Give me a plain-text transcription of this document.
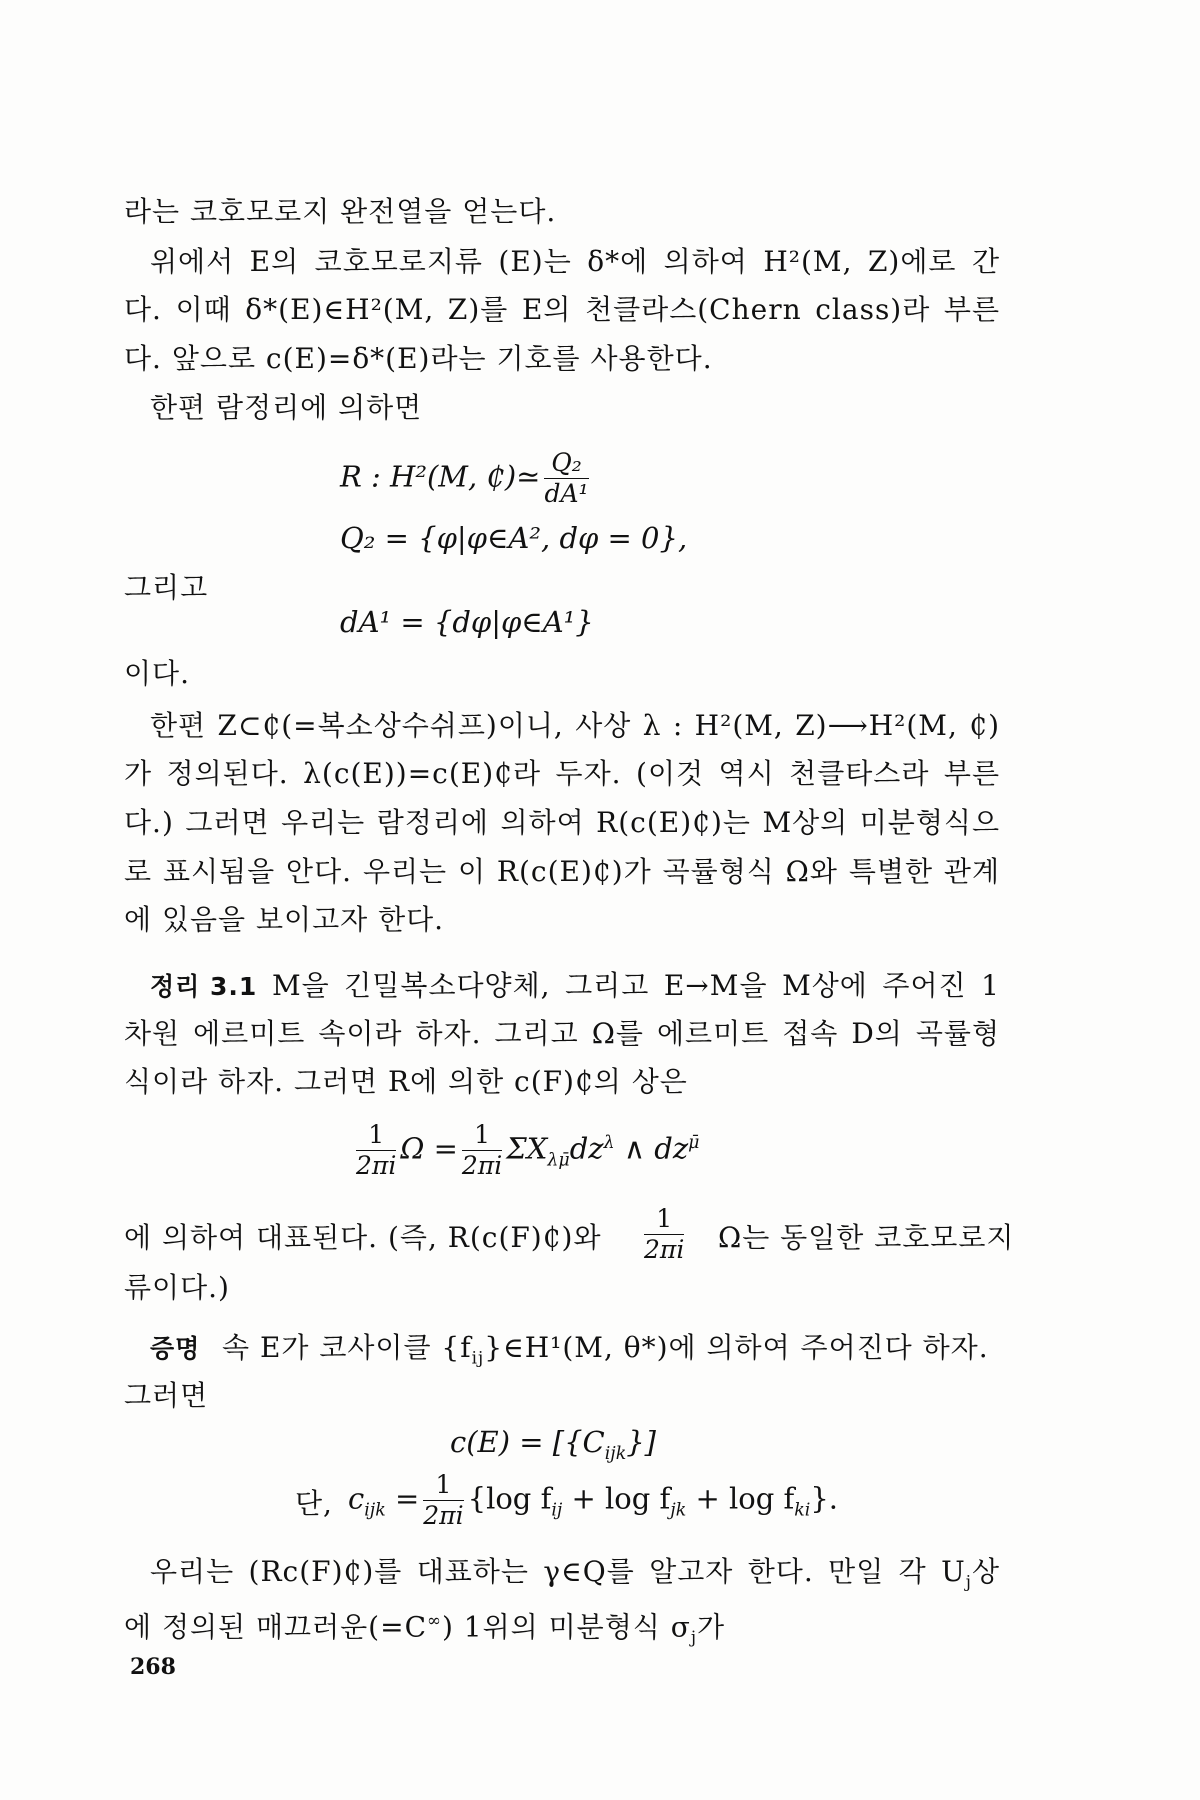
라는 코호모로지 완전열을 얻는다.
위에서 E의 코호모로지류 (E)는 δ*에 의하여 H²(M, Z)에로 간
다. 이때 δ*(E)∈H²(M, Z)를 E의 천클라스(Chern class)라 부른
다. 앞으로 c(E)=δ*(E)라는 기호를 사용한다.
한편 람정리에 의하면
R : H²(M, ₵)≃ $\frac{\text{Q₂}}{\text{dA¹}}$
Q₂ = {φ|φ∈A², dφ = 0},
그리고
dA¹ = {dφ|φ∈A¹}
이다.
한편 Z⊂₵(=복소상수쉬프)이니, 사상 λ : H²(M, Z)⟶H²(M, ₵)
가 정의된다. λ(c(E))=c(E)₵라 두자. (이것 역시 천클타스라 부른
다.) 그러면 우리는 람정리에 의하여 R(c(E)₵)는 M상의 미분형식으
로 표시됨을 안다. 우리는 이 R(c(E)₵)가 곡률형식 Ω와 특별한 관계
에 있음을 보이고자 한다.
정리 3.1 M을 긴밀복소다양체, 그리고 E→M을 M상에 주어진 1
차원 에르미트 속이라 하자. 그리고 Ω를 에르미트 접속 D의 곡률형
식이라 하자. 그러면 R에 의한 c(F)₵의 상은
$\frac{1}{2\pi i}$ $\Omega = \frac{1}{2\pi i} \Sigma X_{\lambda\mū}dz^\lambda$ ∧ $dz^{\mū}$
에 의하여 대표된다. (즉, R(c(F)₵)와	$\frac{1}{2\pi i}$ Ω는 동일한 코호모로지
류이다.)
증명 속 E가 코사이클 $\{f_{ij}\}\in H^1(M$, θ*)에 의하여 주어진다 하자.
그러면
$c(E) = [\{C_{ijk}\}]$
단, $c_{ijk} = \frac{1}{2\pi i} \{\log$ $f_{ij} + \log f_{jk} + \log f_{ki}$}.
우리는 (Rc(F)₵)를 대표하는 γ∈Q를 알고자 한다. 만일 각 $U_j$상
에 정의된 매끄러운(=C∞) 1위의 미분형식 $\sigma_j$가
268
